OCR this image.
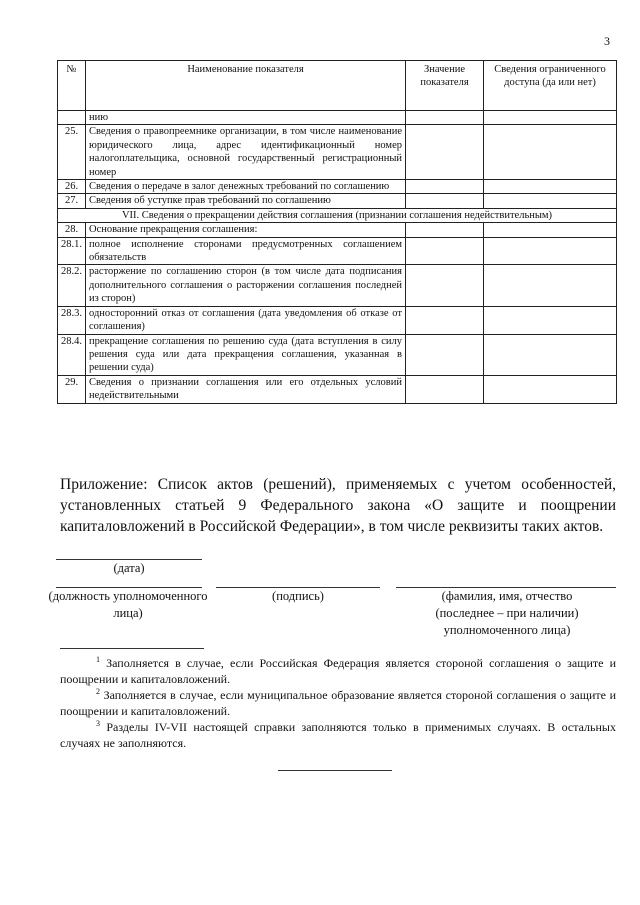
3
№	Наименование показателя	Значение показателя	Сведения ограниченного доступа (да или нет)
	нию		
25.	Сведения о правопреемнике организации, в том числе наименование юридического лица, адрес идентификационный номер налогоплательщика, основной государственный регистрационный номер		
26.	Сведения о передаче в залог денежных требований по соглашению		
27.	Сведения об уступке прав требований по соглашению		
VII. Сведения о прекращении действия соглашения (признании соглашения недействительным)			
28.	Основание прекращения соглашения:		
28.1.	полное исполнение сторонами предусмотренных соглашением обязательств		
28.2.	расторжение по соглашению сторон (в том числе дата подписания дополнительного соглашения о расторжении соглашения последней из сторон)		
28.3.	односторонний отказ от соглашения (дата уведомления об отказе от соглашения)		
28.4.	прекращение соглашения по решению суда (дата вступления в силу решения суда или дата прекращения соглашения, указанная в решении суда)		
29.	Сведения о признании соглашения или его отдельных условий недействительными		

Приложение: Список актов (решений), применяемых с учетом особенностей, установленных статьей 9 Федерального закона «О защите и поощрении капиталовложений в Российской Федерации», в том числе реквизиты таких актов.

(дата)
(должность уполномоченного лица)
(подпись)	(фамилия, имя, отчество (последнее – при наличии) уполномоченного лица)

$^1$ Заполняется в случае, если Российская Федерация является стороной соглашения о защите и поощрении и капиталовложений.

$^2$ Заполняется в случае, если муниципальное образование является стороной соглашения о защите и поощрении и капиталовложений.

$^3$ Разделы IV-VII настоящей справки заполняются только в применимых случаях. В остальных случаях не заполняются.
